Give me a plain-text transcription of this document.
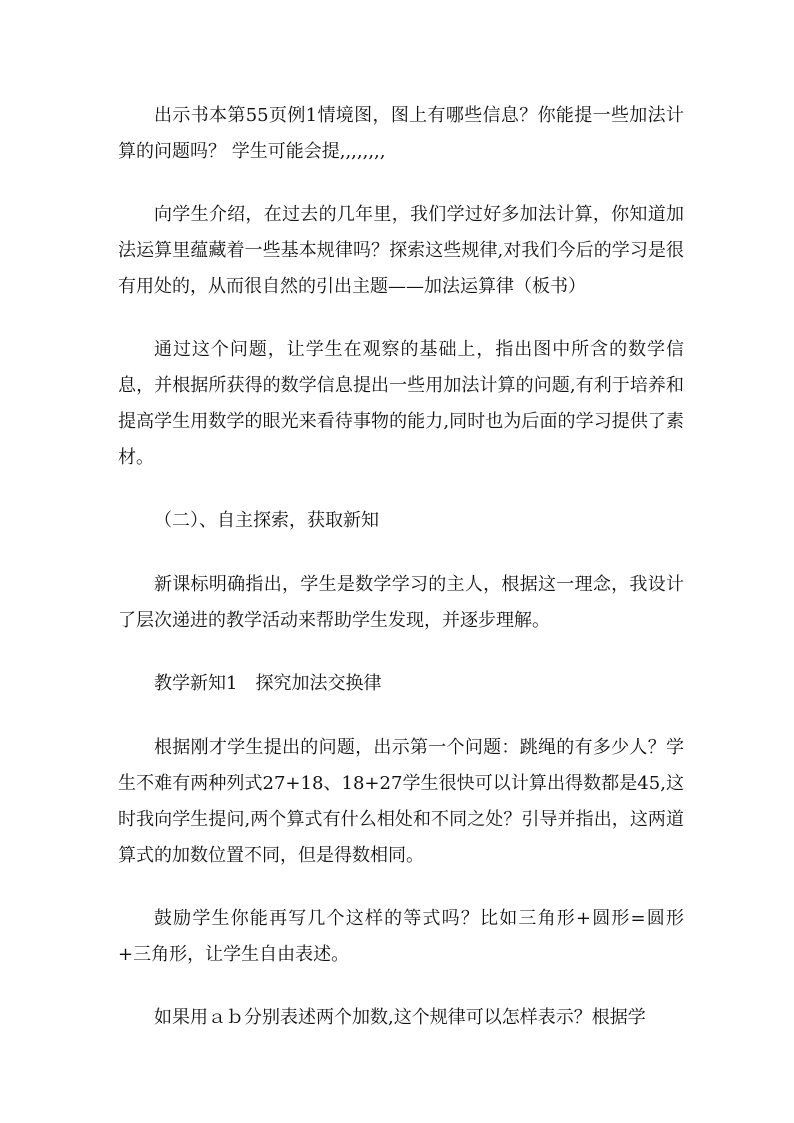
出示书本第55页例1情境图，图上有哪些信息？你能提一些加法计算的问题吗？ 学生可能会提,,,,,,,,

向学生介绍，在过去的几年里，我们学过好多加法计算，你知道加法运算里蕴藏着一些基本规律吗？探索这些规律,对我们今后的学习是很有用处的，从而很自然的引出主题——加法运算律（板书）

通过这个问题，让学生在观察的基础上，指出图中所含的数学信息，并根据所获得的数学信息提出一些用加法计算的问题,有利于培养和提高学生用数学的眼光来看待事物的能力,同时也为后面的学习提供了素材。

（二）、自主探索，获取新知

新课标明确指出，学生是数学学习的主人，根据这一理念，我设计了层次递进的教学活动来帮助学生发现，并逐步理解。

教学新知1　探究加法交换律

根据刚才学生提出的问题，出示第一个问题：跳绳的有多少人？学生不难有两种列式27+18、18+27学生很快可以计算出得数都是45,这时我向学生提问,两个算式有什么相处和不同之处？引导并指出，这两道算式的加数位置不同，但是得数相同。

鼓励学生你能再写几个这样的等式吗？比如三角形+圆形=圆形+三角形，让学生自由表述。

如果用ａｂ分别表述两个加数,这个规律可以怎样表示？根据学
